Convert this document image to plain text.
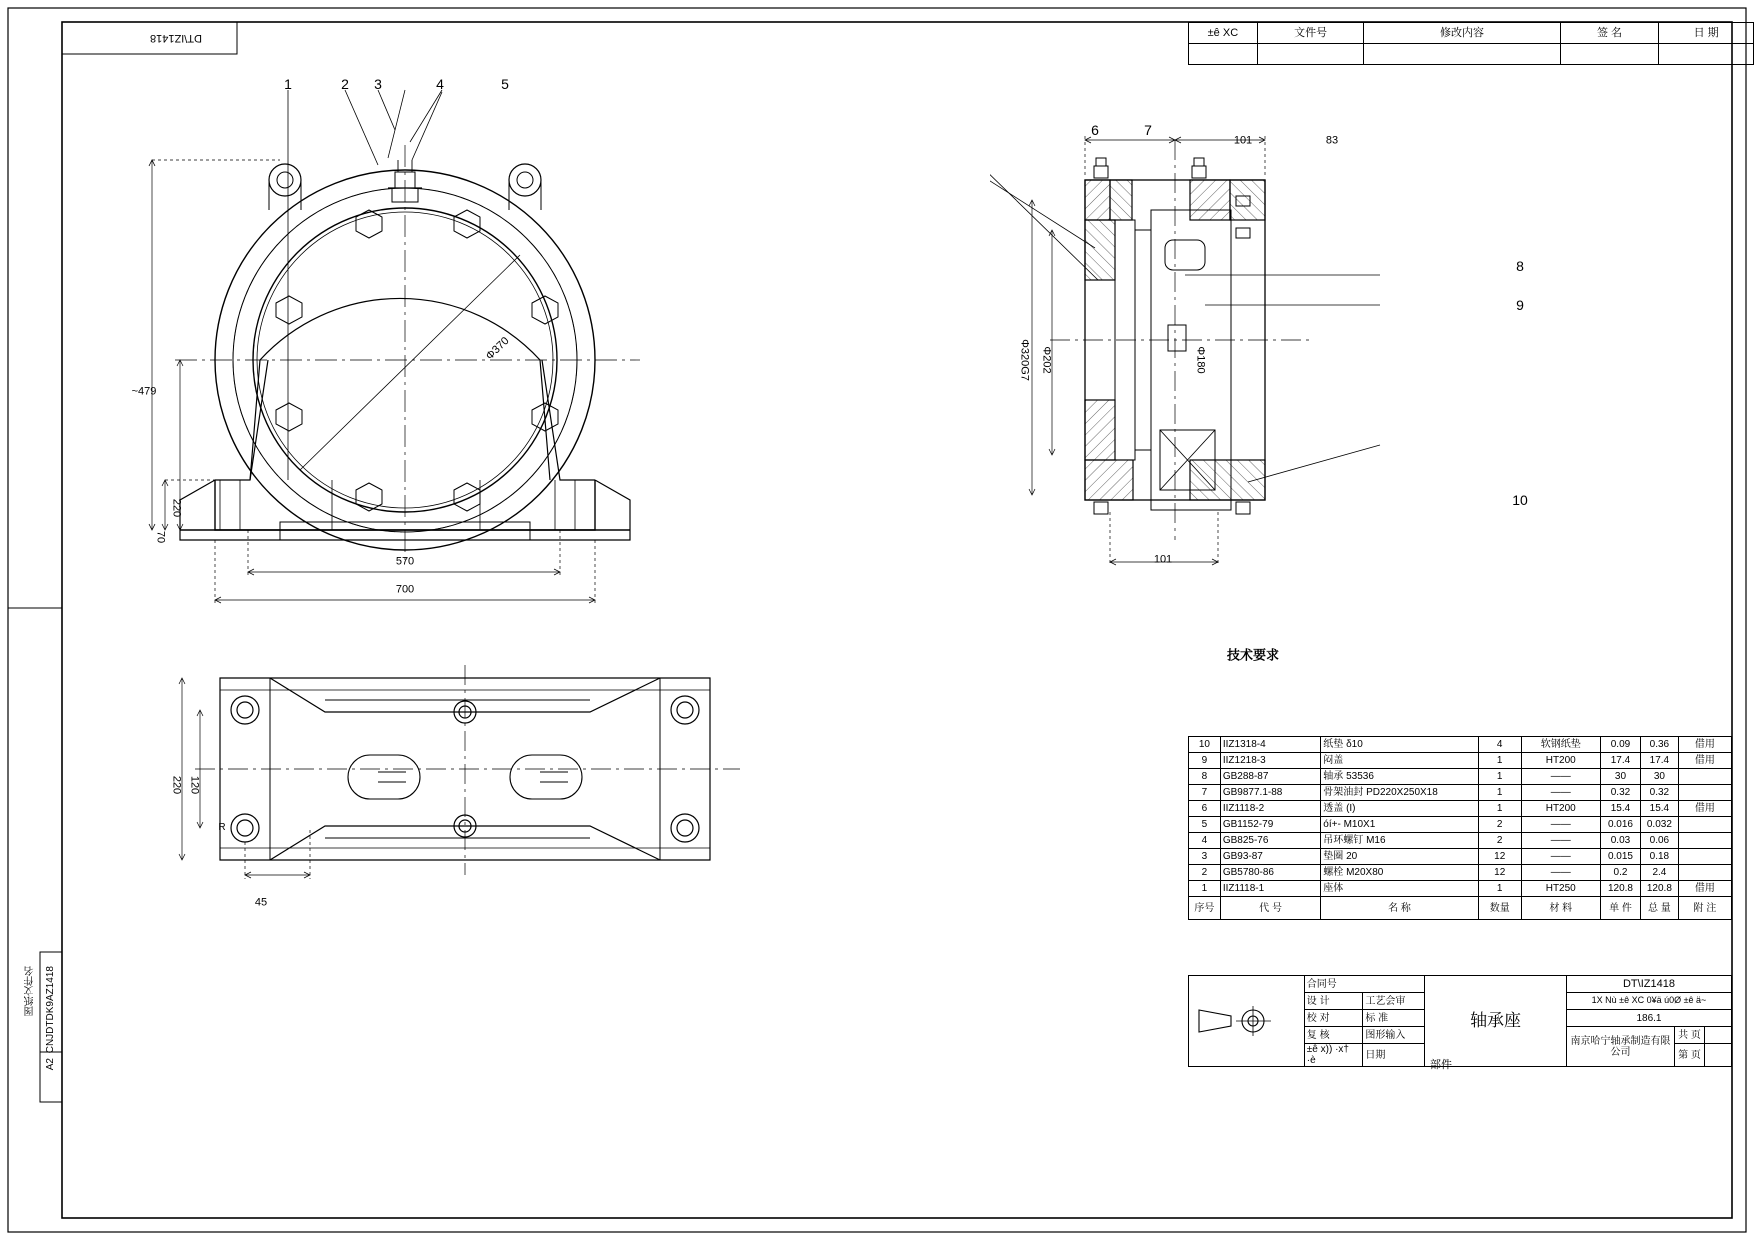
CNJDTDK9AZ1418
A2
图纸文件名
DT\IZ1418	±ê XC	文件号	修改内容	签 名	日 期

~479
220
70
570
700
Φ370
1	2 3	4	5
220 120
45
R
6	7
8
9
10
101	83
101
Φ320G7 Φ202	Φ180
技术要求
10	IIZ1318-4	纸垫 δ10	4	软钢纸垫	0.09	0.36	借用
9	IIZ1218-3	闷盖	1	HT200	17.4	17.4	借用
8	GB288-87	轴承 53536	1	——	30	30	
7	GB9877.1-88	骨架油封 PD220X250X18	1	——	0.32	0.32	
6	IIZ1118-2	透盖 (I)	1	HT200	15.4	15.4	借用
5	GB1152-79	óí+- M10X1	2	——	0.016	0.032	
4	GB825-76	吊环螺钉 M16	2	——	0.03	0.06	
3	GB93-87	垫圈 20	12	——	0.015	0.18	
2	GB5780-86	螺栓 M20X80	12	——	0.2	2.4	
1	IIZ1118-1	座体	1	HT250	120.8	120.8	借用
序号	代 号	名 称	数量	材 料	单 件	总 量	附 注
	合同号		轴承座	DT\IZ1418		
	设 计	工艺会审		1X Nù ±ê XC 0¥ä ú0Ø ±ê ä~		
	校 对	标 准		186.1		
	复 核	图形输入		南京哈宁轴承制造有限公司	共 页	
	±ê x)) ·x† ·è	日期			第 页	
部件
